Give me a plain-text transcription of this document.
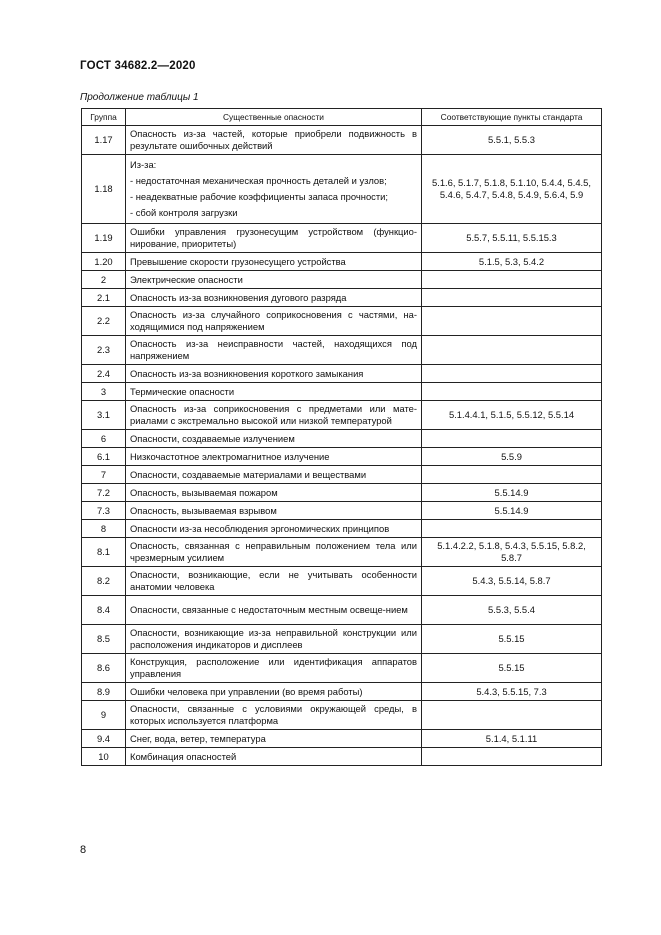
ГОСТ 34682.2—2020
Продолжение таблицы 1
Группа	Существенные опасности	Соответствующие пункты стандарта
1.17	Опасность из-за частей, которые приобрели подвижность в результате ошибочных действий	5.5.1, 5.5.3
1.18	Из-за:
- недостаточная механическая прочность деталей и узлов;
- неадекватные рабочие коэффициенты запаса прочности;
- сбой контроля загрузки	5.1.6, 5.1.7, 5.1.8, 5.1.10, 5.4.4, 5.4.5, 5.4.6, 5.4.7, 5.4.8, 5.4.9, 5.6.4, 5.9
1.19	Ошибки управления грузонесущим устройством (функцио-нирование, приоритеты)	5.5.7, 5.5.11, 5.5.15.3
1.20	Превышение скорости грузонесущего устройства	5.1.5, 5.3, 5.4.2
2	Электрические опасности	
2.1	Опасность из-за возникновения дугового разряда	
2.2	Опасность из-за случайного соприкосновения с частями, на-ходящимися под напряжением	
2.3	Опасность из-за неисправности частей, находящихся под напряжением	
2.4	Опасность из-за возникновения короткого замыкания	
3	Термические опасности	
3.1	Опасность из-за соприкосновения с предметами или мате-риалами с экстремально высокой или низкой температурой	5.1.4.4.1, 5.1.5, 5.5.12, 5.5.14
6	Опасности, создаваемые излучением	
6.1	Низкочастотное электромагнитное излучение	5.5.9
7	Опасности, создаваемые материалами и веществами	
7.2	Опасность, вызываемая пожаром	5.5.14.9
7.3	Опасность, вызываемая взрывом	5.5.14.9
8	Опасности из-за несоблюдения эргономических принципов	
8.1	Опасность, связанная с неправильным положением тела или чрезмерным усилием	5.1.4.2.2, 5.1.8, 5.4.3, 5.5.15, 5.8.2, 5.8.7
8.2	Опасности, возникающие, если не учитывать особенности анатомии человека	5.4.3, 5.5.14, 5.8.7
8.4	Опасности, связанные с недостаточным местным освеще-нием	5.5.3, 5.5.4
8.5	Опасности, возникающие из-за неправильной конструкции или расположения индикаторов и дисплеев	5.5.15
8.6	Конструкция, расположение или идентификация аппаратов управления	5.5.15
8.9	Ошибки человека при управлении (во время работы)	5.4.3, 5.5.15, 7.3
9	Опасности, связанные с условиями окружающей среды, в которых используется платформа	
9.4	Снег, вода, ветер, температура	5.1.4, 5.1.11
10	Комбинация опасностей	
8
